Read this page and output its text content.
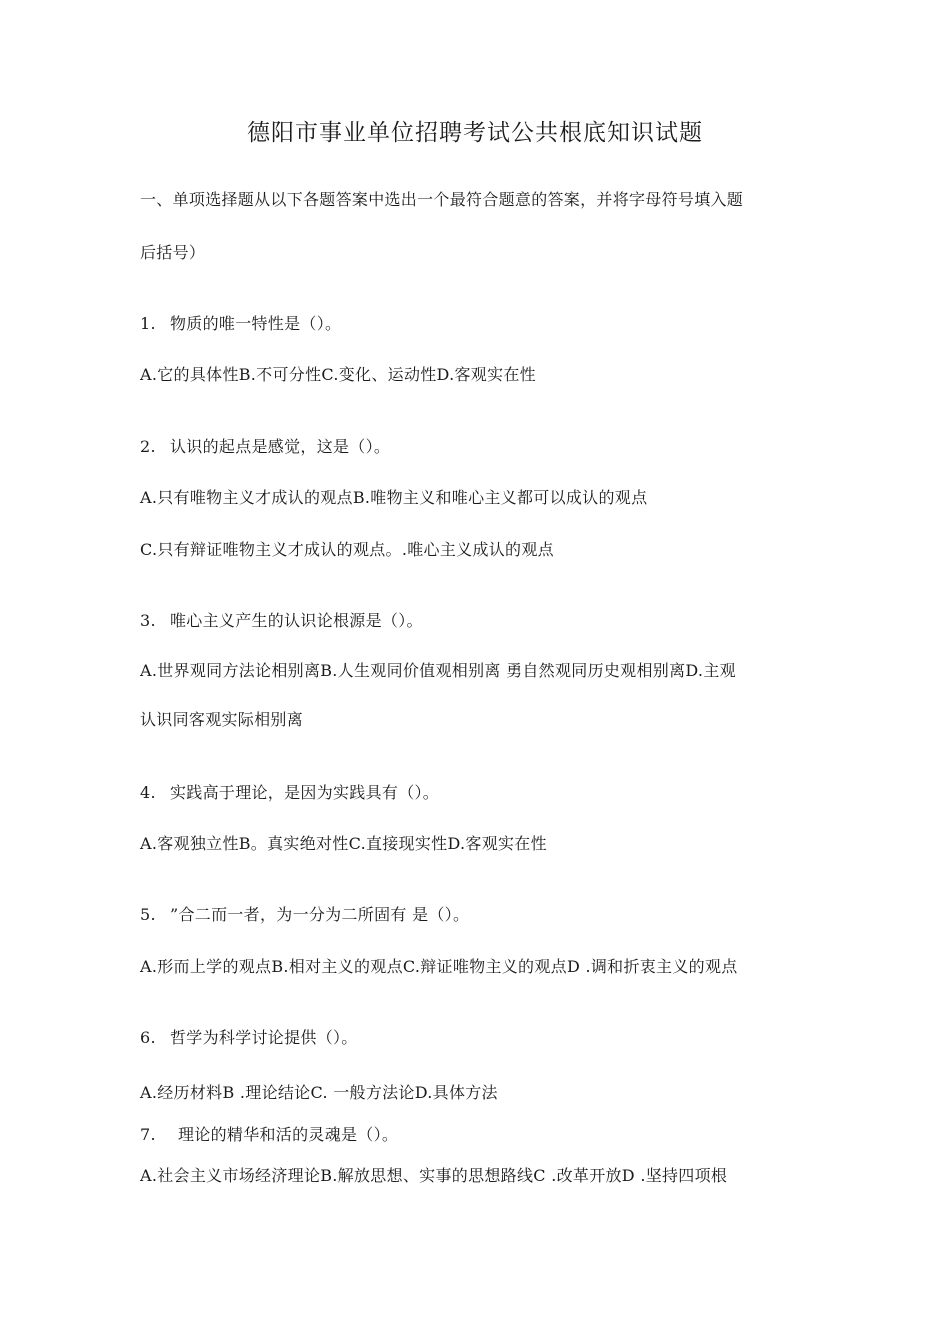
德阳市事业单位招聘考试公共根底知识试题
一、单项选择题从以下各题答案中选出一个最符合题意的答案，并将字母符号填入题
后括号）
1. 物质的唯一特性是（）。
A.它的具体性B.不可分性C.变化、运动性D.客观实在性
2. 认识的起点是感觉，这是（）。
A.只有唯物主义才成认的观点B.唯物主义和唯心主义都可以成认的观点
C.只有辩证唯物主义才成认的观点。.唯心主义成认的观点
3. 唯心主义产生的认识论根源是（）。
A.世界观同方法论相别离B.人生观同价值观相别离 勇自然观同历史观相别离D.主观
认识同客观实际相别离
4. 实践高于理论，是因为实践具有（）。
A.客观独立性B。真实绝对性C.直接现实性D.客观实在性
5. ”合二而一者，为一分为二所固有 是（）。
A.形而上学的观点B.相对主义的观点C.辩证唯物主义的观点D .调和折衷主义的观点
6. 哲学为科学讨论提供（）。
A.经历材料B .理论结论C. 一般方法论D.具体方法
7. 理论的精华和活的灵魂是（）。
A.社会主义市场经济理论B.解放思想、实事的思想路线C .改革开放D .坚持四项根
